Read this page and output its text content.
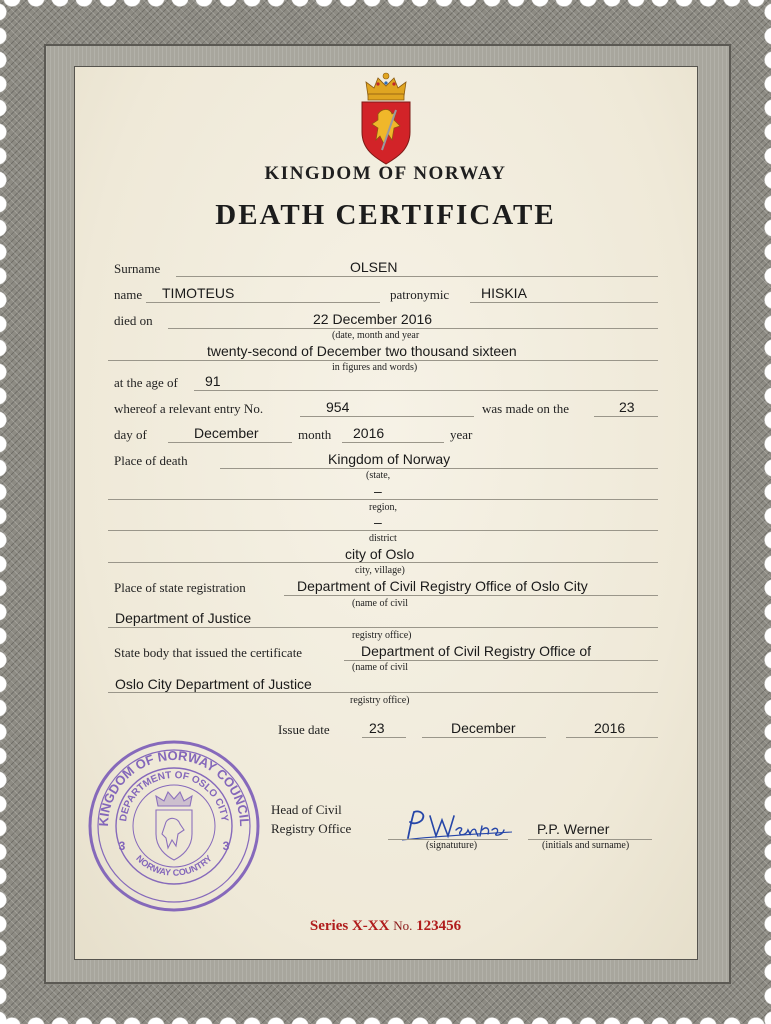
KINGDOM OF NORWAY
DEATH CERTIFICATE
Surname	OLSEN
name TIMOTEUS	patronymic HISKIA
died on	22 December 2016
(date, month and year
twenty-second of December two thousand sixteen
in figures and words)
at the age of 91
whereof a relevant entry No.	954	was made on the	23
day of	December	month 2016	year
Place of death	Kingdom of Norway
(state,
–
region,
–
district
city of Oslo
city, village)
Place of state registration	Department of Civil Registry Office of Oslo City
(name of civil
Department of Justice
registry office)
State body that issued the certificate	Department of Civil Registry Office of
(name of civil
Oslo City Department of Justice
registry office)
Issue date	23	December	2016
KINGDOM OF NORWAY COUNCIL
DEPARTMENT OF OSLO CITY
NORWAY COUNTRY
3	3
Head of Civil
Registry Office
(signatuture)
P.P. Werner
(initials and surname)
Series X-XX No. 123456
